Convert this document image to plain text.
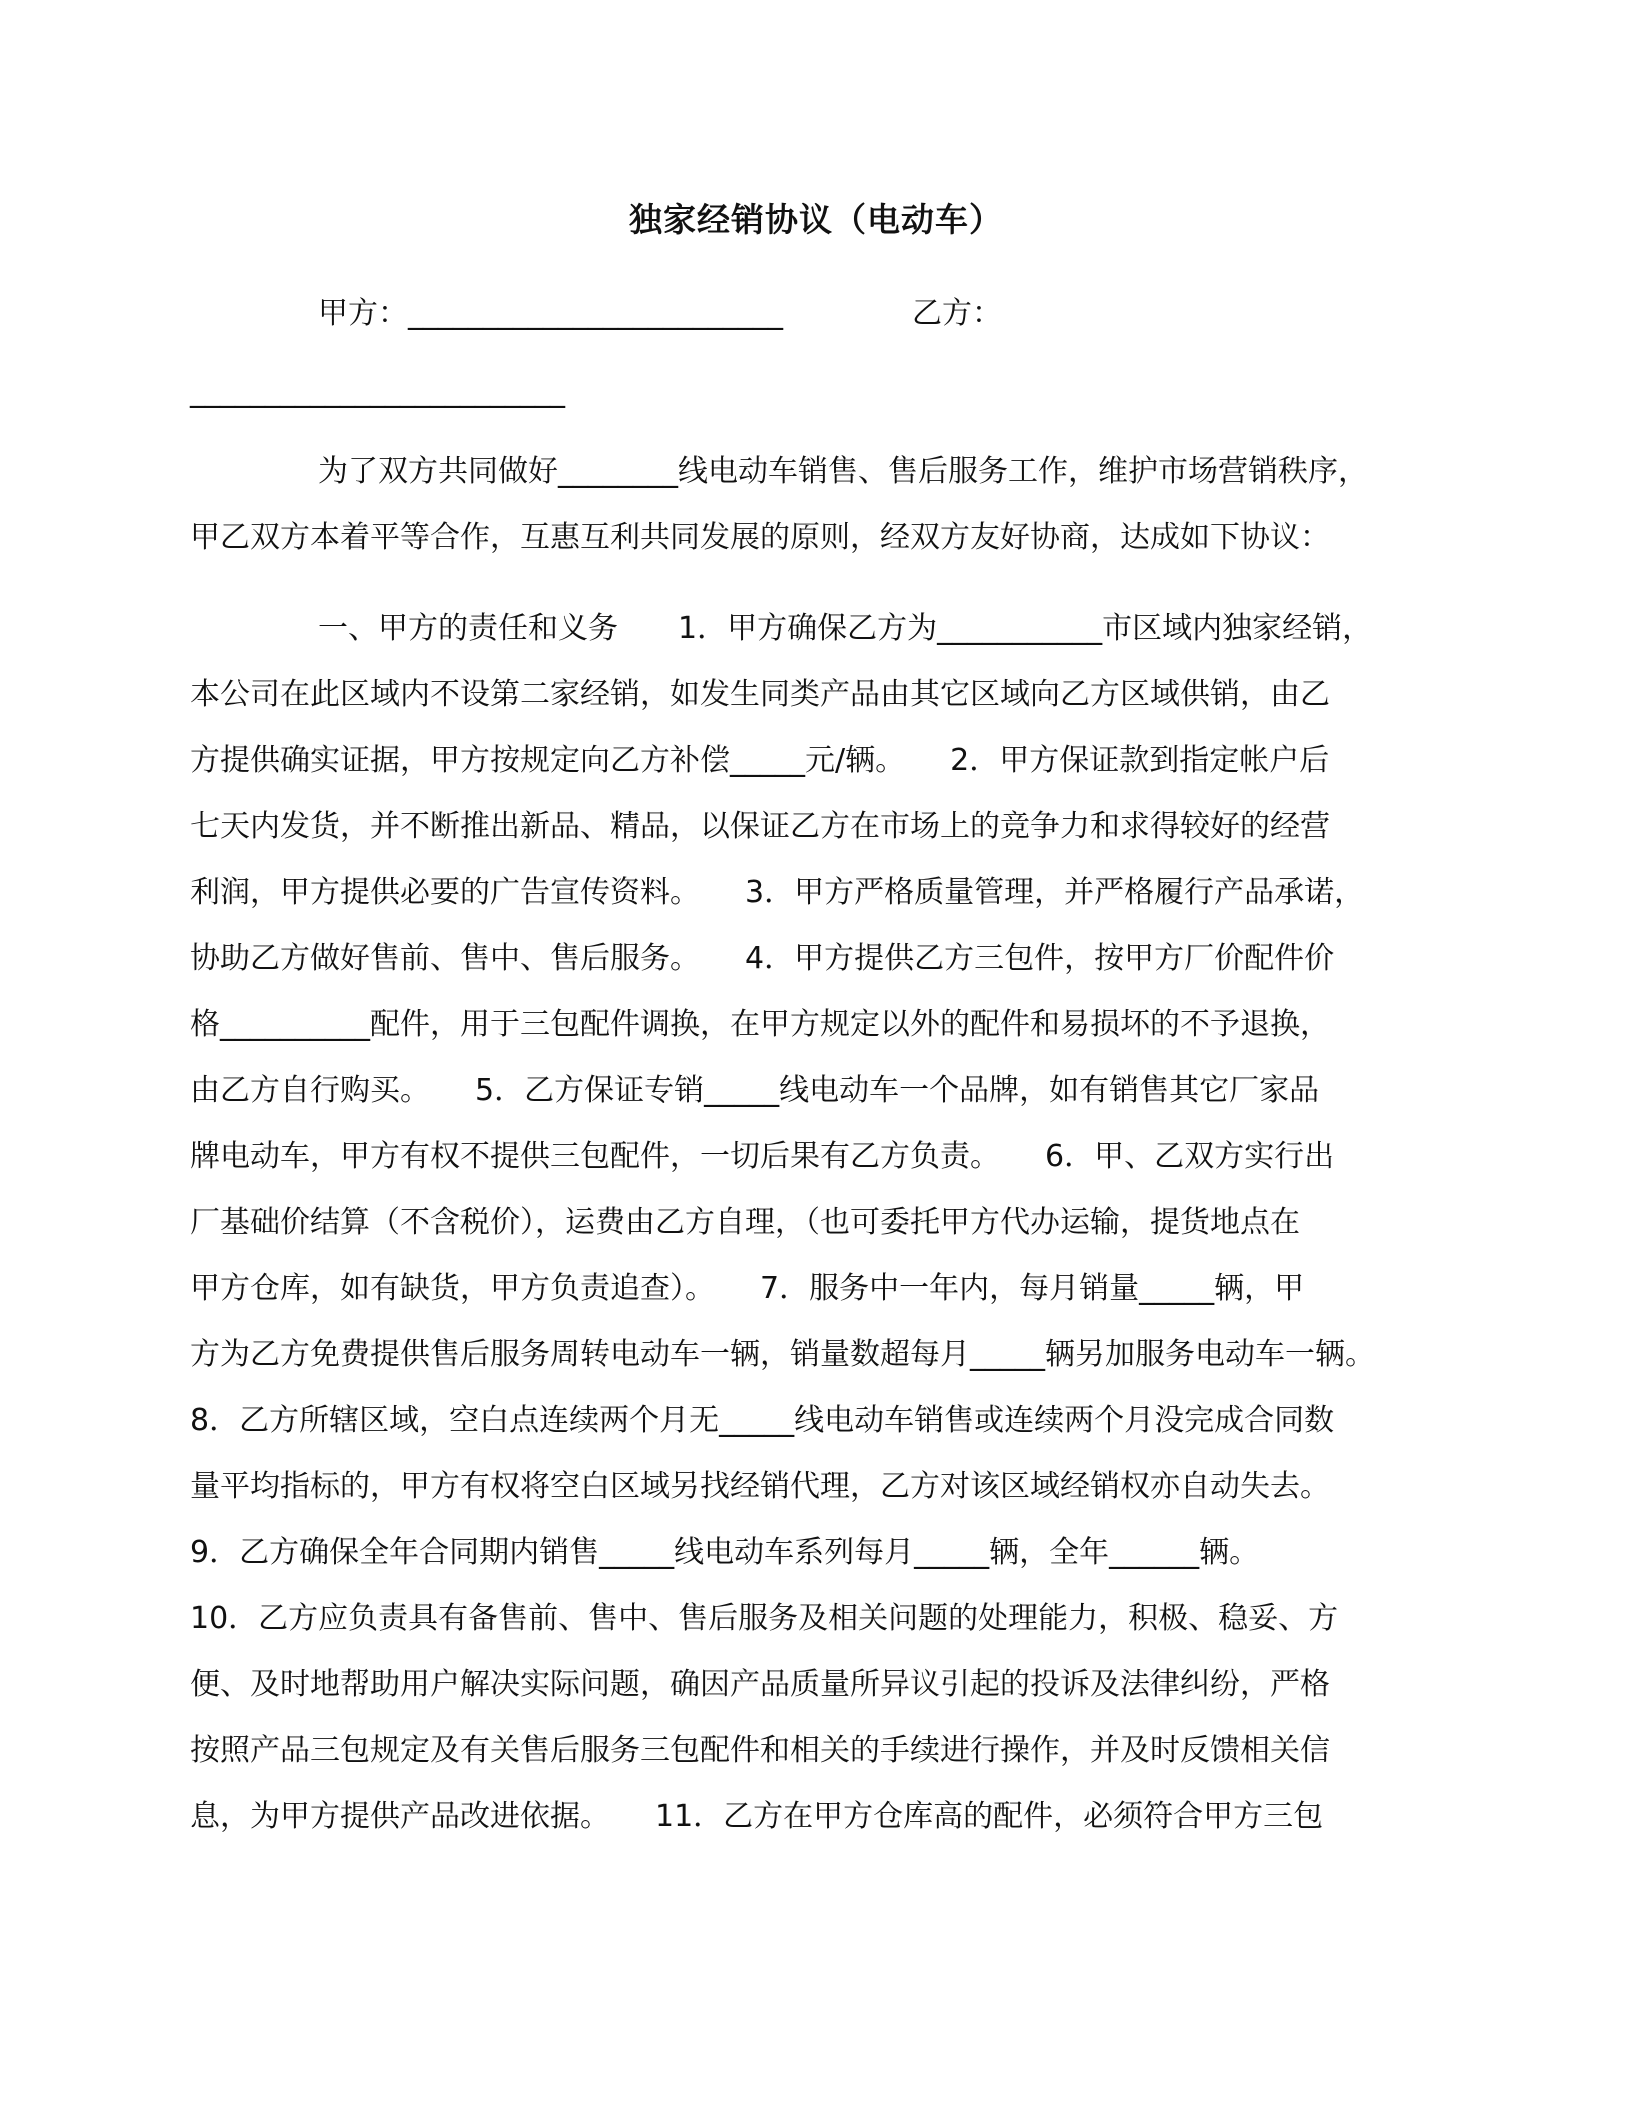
独家经销协议（电动车）
甲方：_________________________	乙方：
_________________________
为了双方共同做好________线电动车销售、售后服务工作，维护市场营销秩序，
甲乙双方本着平等合作，互惠互利共同发展的原则，经双方友好协商，达成如下协议：
一、甲方的责任和义务　　1．甲方确保乙方为___________市区域内独家经销，
本公司在此区域内不设第二家经销，如发生同类产品由其它区域向乙方区域供销，由乙
方提供确实证据，甲方按规定向乙方补偿_____元/辆。　　2．甲方保证款到指定帐户后
七天内发货，并不断推出新品、精品，以保证乙方在市场上的竞争力和求得较好的经营
利润，甲方提供必要的广告宣传资料。　　3．甲方严格质量管理，并严格履行产品承诺，
协助乙方做好售前、售中、售后服务。　　4．甲方提供乙方三包件，按甲方厂价配件价
格__________配件，用于三包配件调换，在甲方规定以外的配件和易损坏的不予退换，
由乙方自行购买。　　5．乙方保证专销_____线电动车一个品牌，如有销售其它厂家品
牌电动车，甲方有权不提供三包配件，一切后果有乙方负责。　　6．甲、乙双方实行出
厂基础价结算（不含税价），运费由乙方自理，（也可委托甲方代办运输，提货地点在
甲方仓库，如有缺货，甲方负责追查）。　　7．服务中一年内，每月销量_____辆，甲
方为乙方免费提供售后服务周转电动车一辆，销量数超每月_____辆另加服务电动车一辆。
8．乙方所辖区域，空白点连续两个月无_____线电动车销售或连续两个月没完成合同数
量平均指标的，甲方有权将空白区域另找经销代理，乙方对该区域经销权亦自动失去。
9．乙方确保全年合同期内销售_____线电动车系列每月_____辆，全年______辆。
10．乙方应负责具有备售前、售中、售后服务及相关问题的处理能力，积极、稳妥、方
便、及时地帮助用户解决实际问题，确因产品质量所异议引起的投诉及法律纠纷，严格
按照产品三包规定及有关售后服务三包配件和相关的手续进行操作，并及时反馈相关信
息，为甲方提供产品改进依据。　　11．乙方在甲方仓库高的配件，必须符合甲方三包
